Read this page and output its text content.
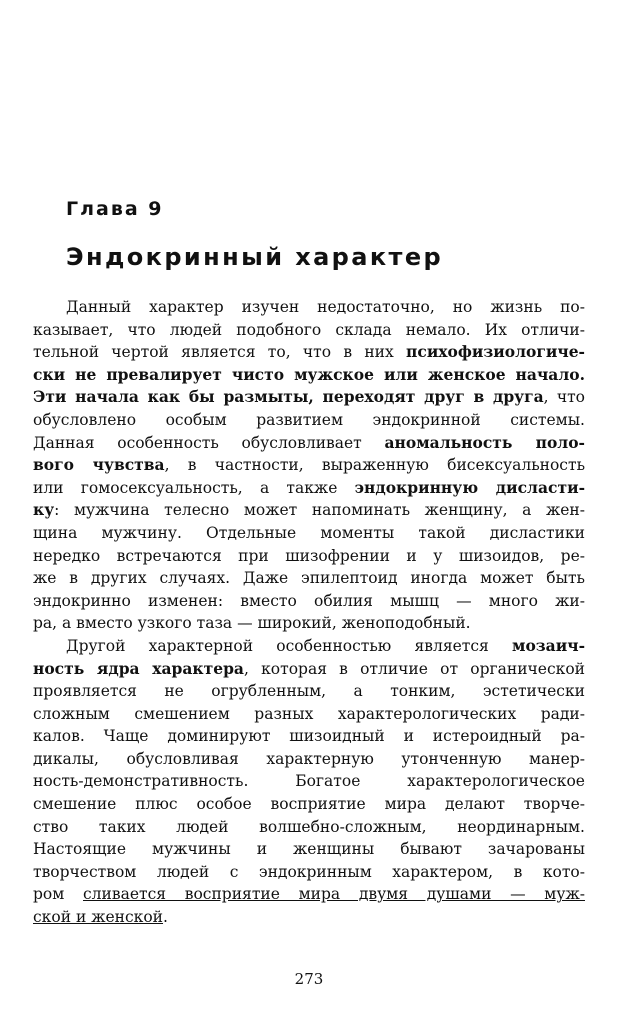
Глава 9
Эндокринный характер
Данный характер изучен недостаточно, но жизнь по-
казывает, что людей подобного склада немало. Их отличи-
тельной чертой является то, что в них психофизиологиче-
ски не превалирует чисто мужское или женское начало.
Эти начала как бы размыты, переходят друг в друга, что
обусловлено особым развитием эндокринной системы.
Данная особенность обусловливает аномальность поло-
вого чувства, в частности, выраженную бисексуальность
или гомосексуальность, а также эндокринную дисласти-
ку: мужчина телесно может напоминать женщину, а жен-
щина мужчину. Отдельные моменты такой дисластики
нередко встречаются при шизофрении и у шизоидов, ре-
же в других случаях. Даже эпилептоид иногда может быть
эндокринно изменен: вместо обилия мышц — много жи-
ра, а вместо узкого таза — широкий, женоподобный.
Другой характерной особенностью является мозаич-
ность ядра характера, которая в отличие от органической
проявляется не огрубленным, а тонким, эстетически
сложным смешением разных характерологических ради-
калов. Чаще доминируют шизоидный и истероидный ра-
дикалы, обусловливая характерную утонченную манер-
ность-демонстративность. Богатое характерологическое
смешение плюс особое восприятие мира делают творче-
ство таких людей волшебно-сложным, неординарным.
Настоящие мужчины и женщины бывают зачарованы
творчеством людей с эндокринным характером, в кото-
ром сливается восприятие мира двумя душами — муж-
ской и женской.
273
